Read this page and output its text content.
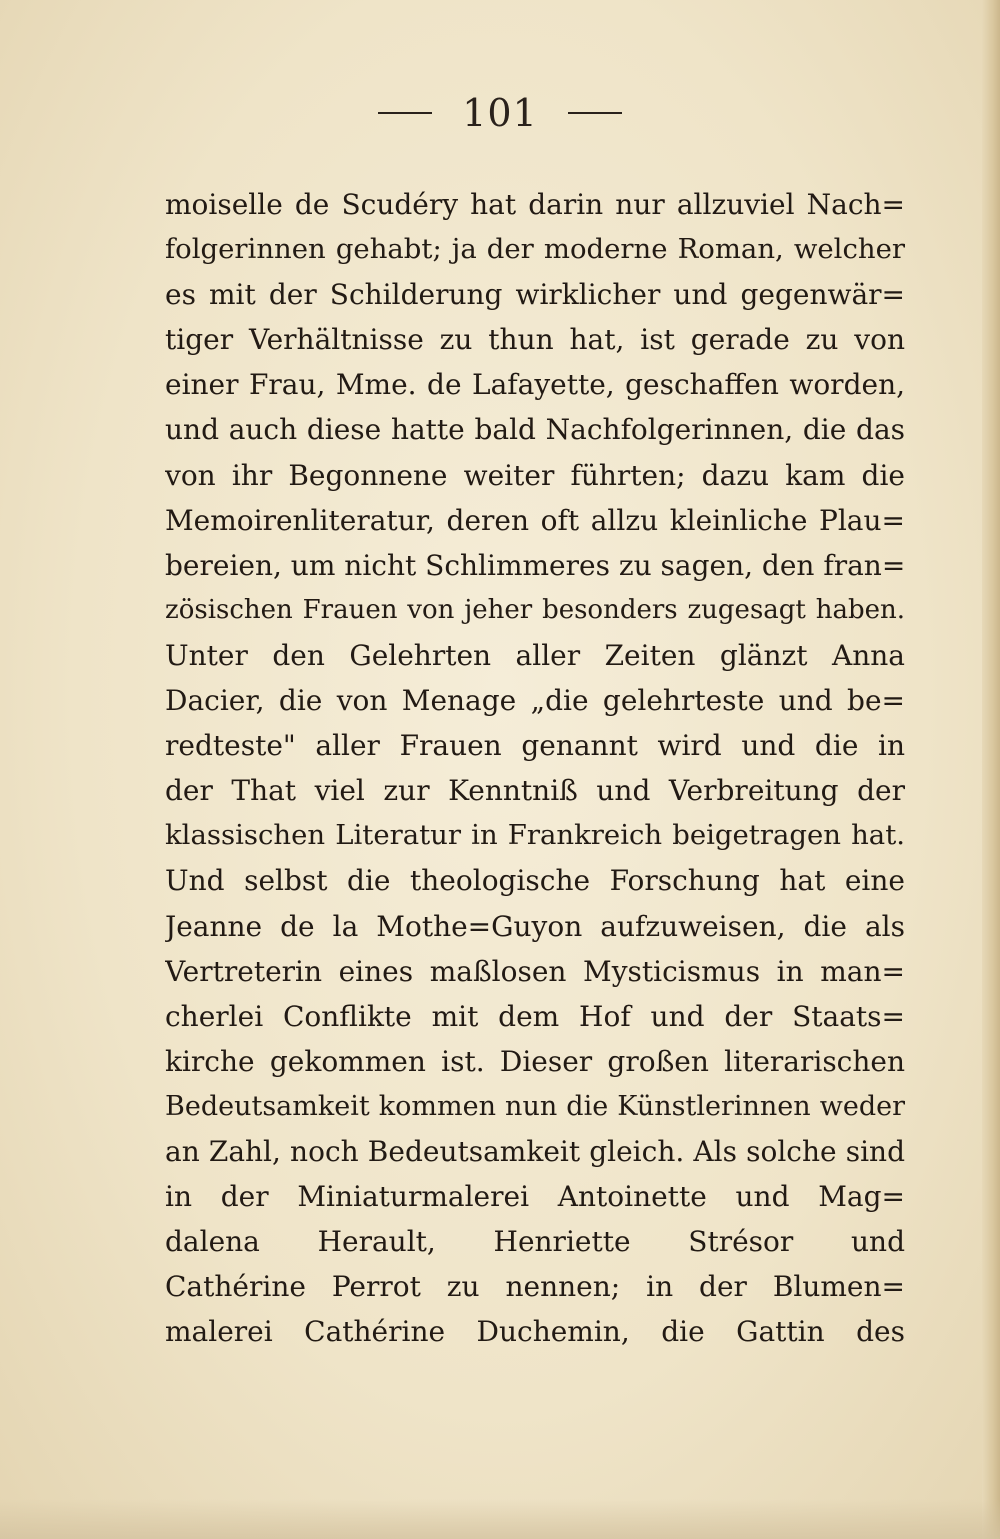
101
moiselle de Scudéry hat darin nur allzuviel Nach=
folgerinnen gehabt; ja der moderne Roman, welcher
es mit der Schilderung wirklicher und gegenwär=
tiger Verhältnisse zu thun hat, ist gerade zu von
einer Frau, Mme. de Lafayette, geschaffen worden,
und auch diese hatte bald Nachfolgerinnen, die das
von ihr Begonnene weiter führten; dazu kam die
Memoirenliteratur, deren oft allzu kleinliche Plau=
bereien, um nicht Schlimmeres zu sagen, den fran=
zösischen Frauen von jeher besonders zugesagt haben.
Unter den Gelehrten aller Zeiten glänzt Anna
Dacier, die von Menage „die gelehrteste und be=
redteste" aller Frauen genannt wird und die in
der That viel zur Kenntniß und Verbreitung der
klassischen Literatur in Frankreich beigetragen hat.
Und selbst die theologische Forschung hat eine
Jeanne de la Mothe=Guyon aufzuweisen, die als
Vertreterin eines maßlosen Mysticismus in man=
cherlei Conflikte mit dem Hof und der Staats=
kirche gekommen ist. Dieser großen literarischen
Bedeutsamkeit kommen nun die Künstlerinnen weder
an Zahl, noch Bedeutsamkeit gleich. Als solche sind
in der Miniaturmalerei Antoinette und Mag=
dalena Herault, Henriette Strésor und
Cathérine Perrot zu nennen; in der Blumen=
malerei Cathérine Duchemin, die Gattin des
